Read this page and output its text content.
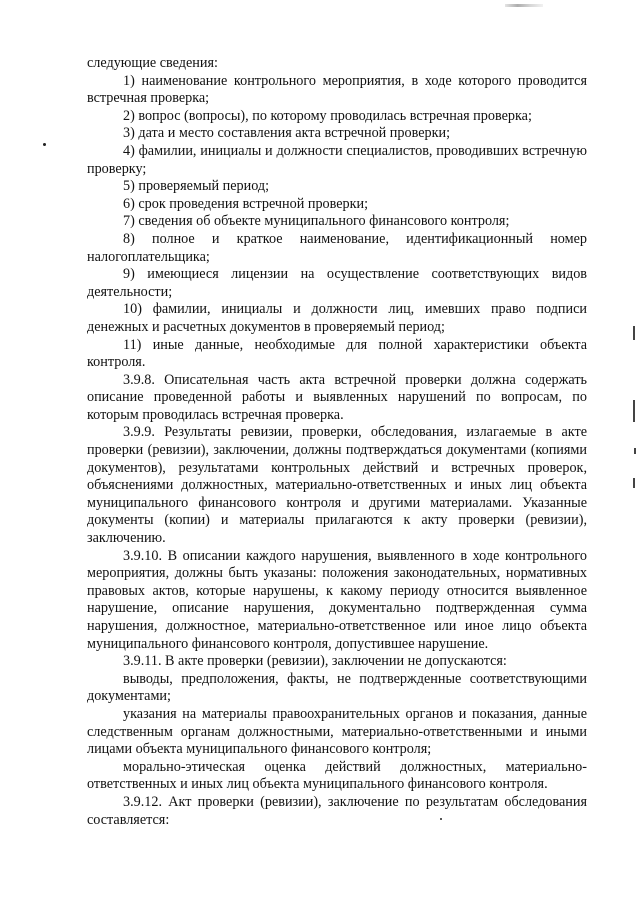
следующие сведения:

1) наименование контрольного мероприятия, в ходе которого проводится встречная проверка;

2) вопрос (вопросы), по которому проводилась встречная проверка;

3) дата и место составления акта встречной проверки;

4) фамилии, инициалы и должности специалистов, проводивших встречную проверку;

5) проверяемый период;

6) срок проведения встречной проверки;

7) сведения об объекте муниципального финансового контроля;

8) полное и краткое наименование, идентификационный номер налогоплательщика;

9) имеющиеся лицензии на осуществление соответствующих видов деятельности;

10) фамилии, инициалы и должности лиц, имевших право подписи денежных и расчетных документов в проверяемый период;

11) иные данные, необходимые для полной характеристики объекта контроля.

3.9.8. Описательная часть акта встречной проверки должна содержать описание проведенной работы и выявленных нарушений по вопросам, по которым проводилась встречная проверка.

3.9.9. Результаты ревизии, проверки, обследования, излагаемые в акте проверки (ревизии), заключении, должны подтверждаться документами (копиями документов), результатами контрольных действий и встречных проверок, объяснениями должностных, материально-ответственных и иных лиц объекта муниципального финансового контроля и другими материалами. Указанные документы (копии) и материалы прилагаются к акту проверки (ревизии), заключению.

3.9.10. В описании каждого нарушения, выявленного в ходе контрольного мероприятия, должны быть указаны: положения законодательных, нормативных правовых актов, которые нарушены, к какому периоду относится выявленное нарушение, описание нарушения, документально подтвержденная сумма нарушения, должностное, материально-ответственное или иное лицо объекта муниципального финансового контроля, допустившее нарушение.

3.9.11. В акте проверки (ревизии), заключении не допускаются:

выводы, предположения, факты, не подтвержденные соответствующими документами;

указания на материалы правоохранительных органов и показания, данные следственным органам должностными, материально-ответственными и иными лицами объекта муниципального финансового контроля;

морально-этическая оценка действий должностных, материально-ответственных и иных лиц объекта муниципального финансового контроля.

3.9.12. Акт проверки (ревизии), заключение по результатам обследования составляется:
